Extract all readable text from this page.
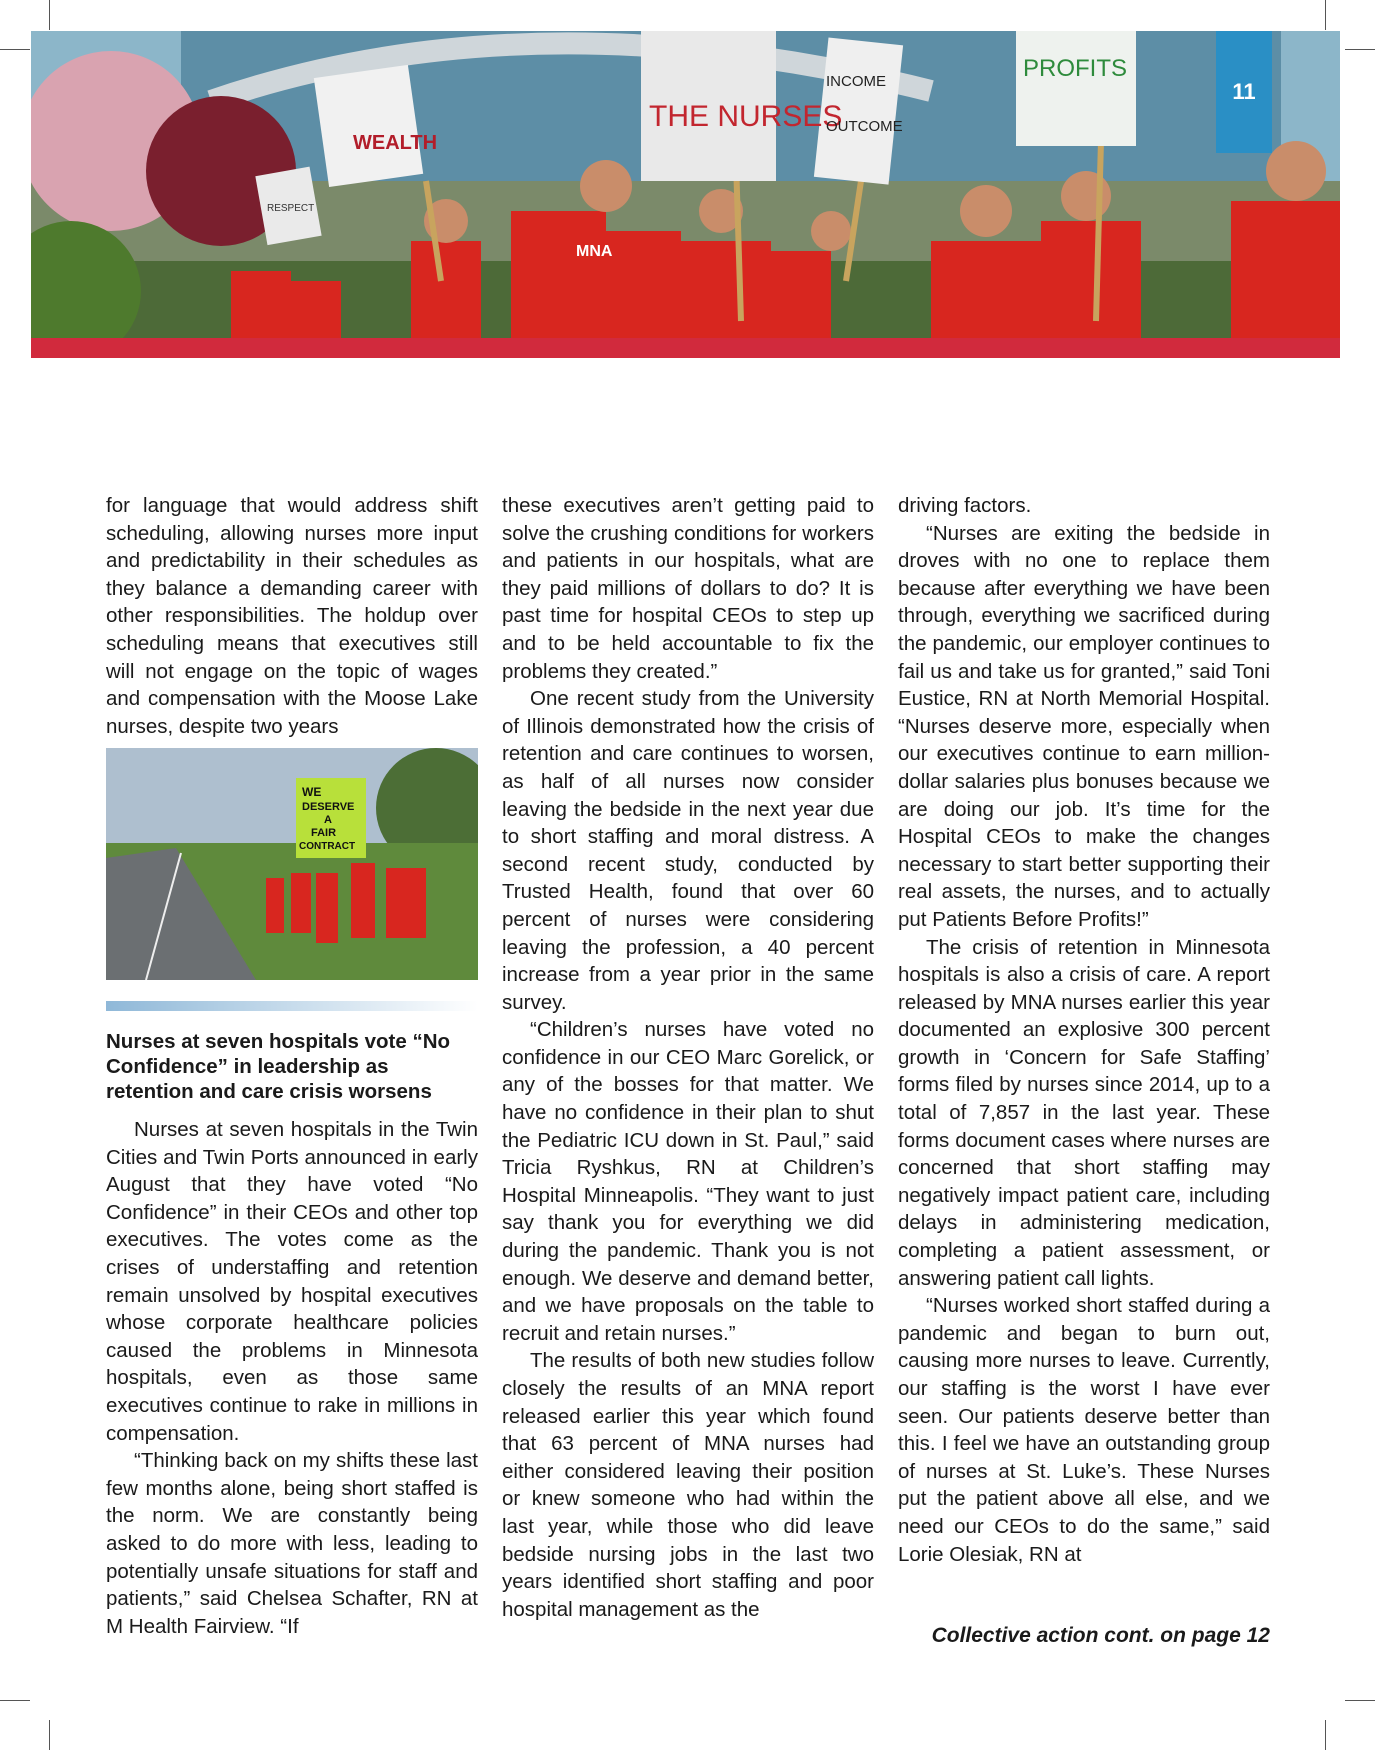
WEALTH
THE NURSES
INCOME
OUTCOME
PROFITS
RESPECT
MNA
11

for language that would address shift scheduling, allowing nurses more input and predictability in their schedules as they balance a demanding career with other responsibilities. The holdup over scheduling means that executives still will not engage on the topic of wages and compensation with the Moose Lake nurses, despite two years

WE
DESERVE
A
FAIR
CONTRACT
Nurses at seven hospitals vote “No Confidence” in leadership as retention and care crisis worsens

Nurses at seven hospitals in the Twin Cities and Twin Ports announced in early August that they have voted “No Confidence” in their CEOs and other top executives. The votes come as the crises of understaffing and retention remain unsolved by hospital executives whose corporate healthcare policies caused the problems in Minnesota hospitals, even as those same executives continue to rake in millions in compensation.

“Thinking back on my shifts these last few months alone, being short staffed is the norm. We are constantly being asked to do more with less, leading to potentially unsafe situations for staff and patients,” said Chelsea Schafter, RN at M Health Fairview. “If

these executives aren’t getting paid to solve the crushing conditions for workers and patients in our hospitals, what are they paid millions of dollars to do? It is past time for hospital CEOs to step up and to be held accountable to fix the problems they created.”

One recent study from the University of Illinois demonstrated how the crisis of retention and care continues to worsen, as half of all nurses now consider leaving the bedside in the next year due to short staffing and moral distress. A second recent study, conducted by Trusted Health, found that over 60 percent of nurses were considering leaving the profession, a 40 percent increase from a year prior in the same survey.

“Children’s nurses have voted no confidence in our CEO Marc Gorelick, or any of the bosses for that matter. We have no confidence in their plan to shut the Pediatric ICU down in St. Paul,” said Tricia Ryshkus, RN at Children’s Hospital Minneapolis. “They want to just say thank you for everything we did during the pandemic. Thank you is not enough. We deserve and demand better, and we have proposals on the table to recruit and retain nurses.”

The results of both new studies follow closely the results of an MNA report released earlier this year which found that 63 percent of MNA nurses had either considered leaving their position or knew someone who had within the last year, while those who did leave bedside nursing jobs in the last two years identified short staffing and poor hospital management as the

driving factors.

“Nurses are exiting the bedside in droves with no one to replace them because after everything we have been through, everything we sacrificed during the pandemic, our employer continues to fail us and take us for granted,” said Toni Eustice, RN at North Memorial Hospital. “Nurses deserve more, especially when our executives continue to earn million-dollar salaries plus bonuses because we are doing our job. It’s time for the Hospital CEOs to make the changes necessary to start better supporting their real assets, the nurses, and to actually put Patients Before Profits!”

The crisis of retention in Minnesota hospitals is also a crisis of care. A report released by MNA nurses earlier this year documented an explosive 300 percent growth in ‘Concern for Safe Staffing’ forms filed by nurses since 2014, up to a total of 7,857 in the last year. These forms document cases where nurses are concerned that short staffing may negatively impact patient care, including delays in administering medication, completing a patient assessment, or answering patient call lights.

“Nurses worked short staffed during a pandemic and began to burn out, causing more nurses to leave. Currently, our staffing is the worst I have ever seen. Our patients deserve better than this. I feel we have an outstanding group of nurses at St. Luke’s. These Nurses put the patient above all else, and we need our CEOs to do the same,” said Lorie Olesiak, RN at

Collective action cont. on page 12
